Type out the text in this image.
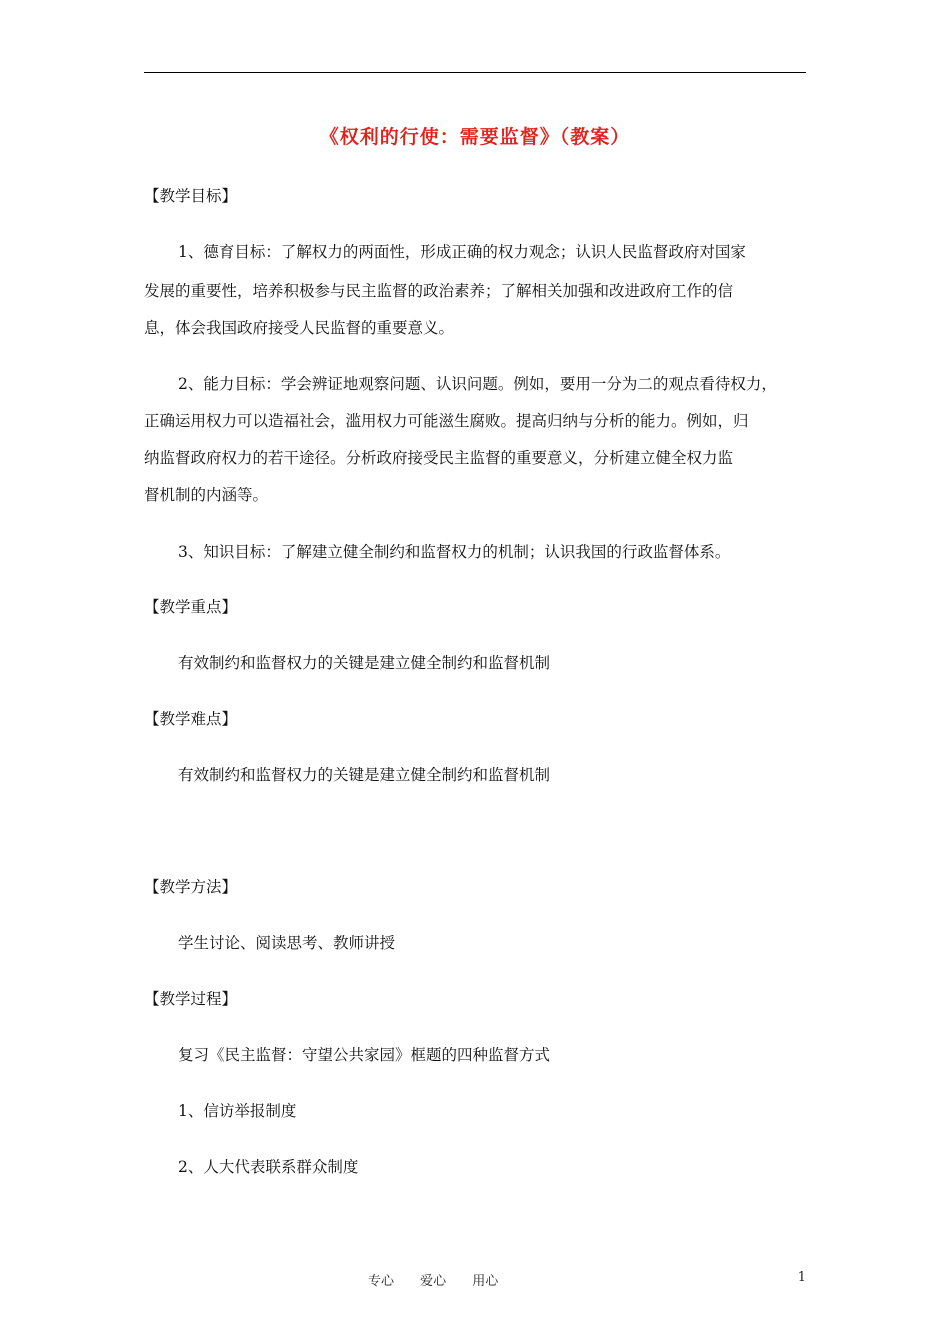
《权利的行使：需要监督》（教案）
【教学目标】
1、德育目标：了解权力的两面性，形成正确的权力观念；认识人民监督政府对国家
发展的重要性，培养积极参与民主监督的政治素养；了解相关加强和改进政府工作的信
息，体会我国政府接受人民监督的重要意义。
2、能力目标：学会辨证地观察问题、认识问题。例如，要用一分为二的观点看待权力，
正确运用权力可以造福社会，滥用权力可能滋生腐败。提高归纳与分析的能力。例如，归
纳监督政府权力的若干途径。分析政府接受民主监督的重要意义，分析建立健全权力监
督机制的内涵等。
3、知识目标：了解建立健全制约和监督权力的机制；认识我国的行政监督体系。
【教学重点】
有效制约和监督权力的关键是建立健全制约和监督机制
【教学难点】
有效制约和监督权力的关键是建立健全制约和监督机制
【教学方法】
学生讨论、阅读思考、教师讲授
【教学过程】
复习《民主监督：守望公共家园》框题的四种监督方式
1、信访举报制度
2、人大代表联系群众制度
专心 爱心 用心	1
